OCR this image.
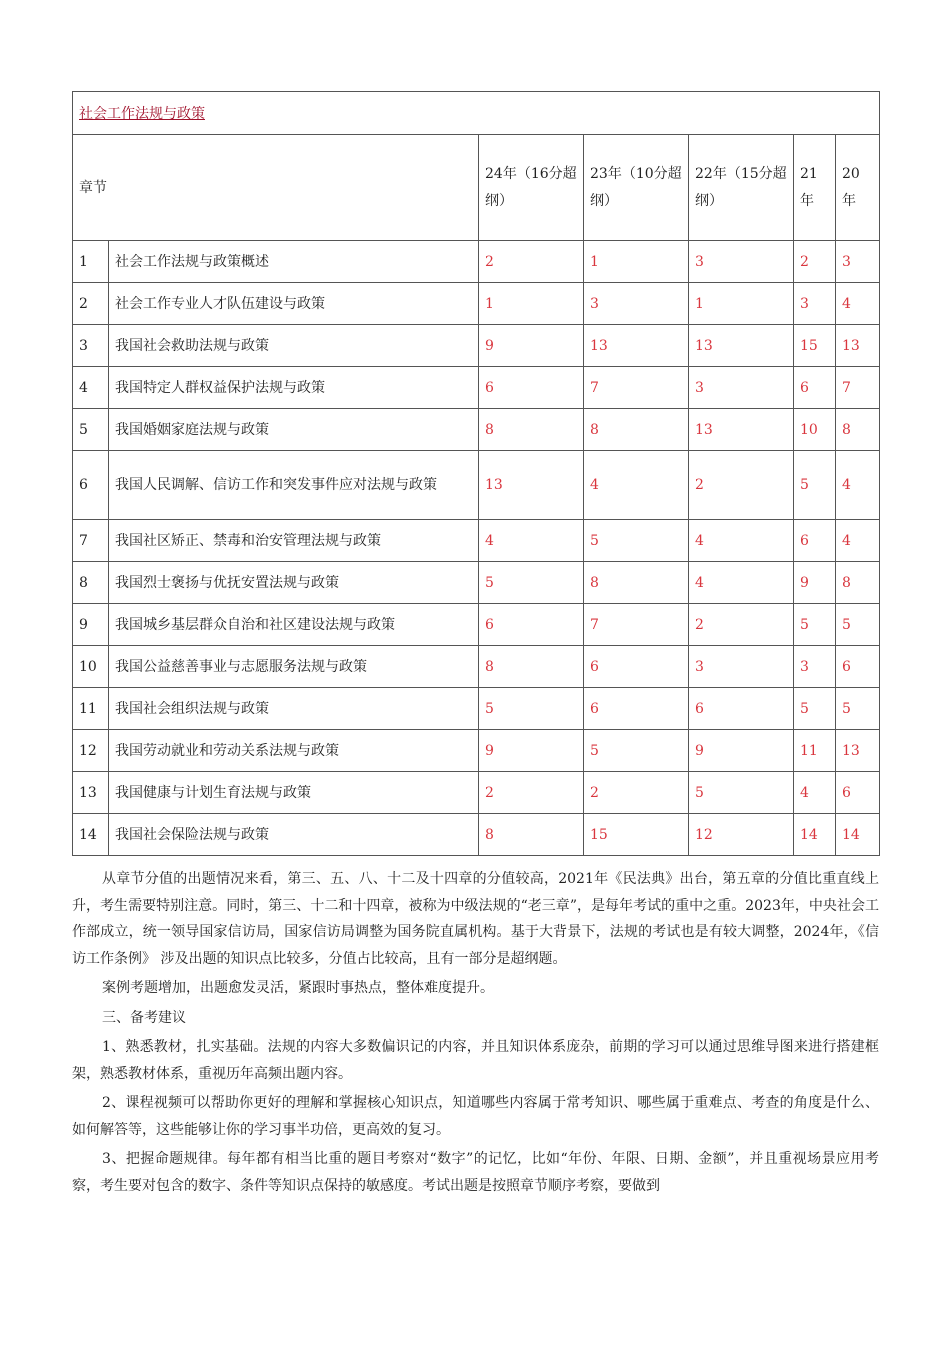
社会工作法规与政策						
章节		24年（16分超纲）	23年（10分超纲）	22年（15分超纲）	21年	20年
1	社会工作法规与政策概述	2	1	3	2	3
2	社会工作专业人才队伍建设与政策	1	3	1	3	4
3	我国社会救助法规与政策	9	13	13	15	13
4	我国特定人群权益保护法规与政策	6	7	3	6	7
5	我国婚姻家庭法规与政策	8	8	13	10	8
6	我国人民调解、信访工作和突发事件应对法规与政策	13	4	2	5	4
7	我国社区矫正、禁毒和治安管理法规与政策	4	5	4	6	4
8	我国烈士褒扬与优抚安置法规与政策	5	8	4	9	8
9	我国城乡基层群众自治和社区建设法规与政策	6	7	2	5	5
10	我国公益慈善事业与志愿服务法规与政策	8	6	3	3	6
11	我国社会组织法规与政策	5	6	6	5	5
12	我国劳动就业和劳动关系法规与政策	9	5	9	11	13
13	我国健康与计划生育法规与政策	2	2	5	4	6
14	我国社会保险法规与政策	8	15	12	14	14

从章节分值的出题情况来看，第三、五、八、十二及十四章的分值较高，2021年《民法典》出台，第五章的分值比重直线上升，考生需要特别注意。同时，第三、十二和十四章，被称为中级法规的“老三章”，是每年考试的重中之重。2023年，中央社会工作部成立，统一领导国家信访局，国家信访局调整为国务院直属机构。基于大背景下，法规的考试也是有较大调整，2024年，《信访工作条例》 涉及出题的知识点比较多，分值占比较高，且有一部分是超纲题。

案例考题增加，出题愈发灵活，紧跟时事热点，整体难度提升。

三、备考建议

1、熟悉教材，扎实基础。法规的内容大多数偏识记的内容，并且知识体系庞杂，前期的学习可以通过思维导图来进行搭建框架，熟悉教材体系，重视历年高频出题内容。

2、课程视频可以帮助你更好的理解和掌握核心知识点，知道哪些内容属于常考知识、哪些属于重难点、考查的角度是什么、如何解答等，这些能够让你的学习事半功倍，更高效的复习。

3、把握命题规律。每年都有相当比重的题目考察对“数字”的记忆，比如“年份、年限、日期、金额”，并且重视场景应用考察，考生要对包含的数字、条件等知识点保持的敏感度。考试出题是按照章节顺序考察，要做到
